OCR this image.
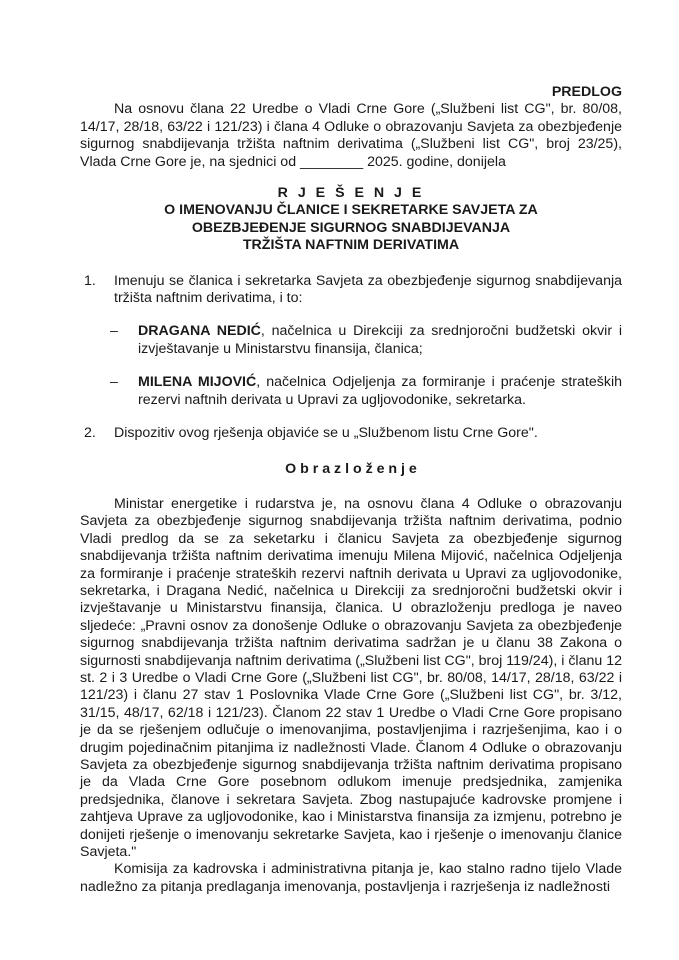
PREDLOG

Na osnovu člana 22 Uredbe o Vladi Crne Gore („Službeni list CG", br. 80/08, 14/17, 28/18, 63/22 i 121/23) i člana 4 Odluke o obrazovanju Savjeta za obezbjeđenje sigurnog snabdijevanja tržišta naftnim derivatima („Službeni list CG", broj 23/25), Vlada Crne Gore je, na sjednici od ________ 2025. godine, donijela

R J E Š E N J E

O IMENOVANJU ČLANICE I SEKRETARKE SAVJETA ZA

OBEZBJEĐENJE SIGURNOG SNABDIJEVANJA

TRŽIŠTA NAFTNIM DERIVATIMA

1.	Imenuju se članica i sekretarka Savjeta za obezbjeđenje sigurnog snabdijevanja tržišta naftnim derivatima, i to:
–	DRAGANA NEDIĆ, načelnica u Direkciji za srednjoročni budžetski okvir i izvještavanje u Ministarstvu finansija, članica;
–	MILENA MIJOVIĆ, načelnica Odjeljenja za formiranje i praćenje strateških rezervi naftnih derivata u Upravi za ugljovodonike, sekretarka.
2.	Dispozitiv ovog rješenja objaviće se u „Službenom listu Crne Gore".

O b r a z l o ž e n j e

Ministar energetike i rudarstva je, na osnovu člana 4 Odluke o obrazovanju Savjeta za obezbjeđenje sigurnog snabdijevanja tržišta naftnim derivatima, podnio Vladi predlog da se za seketarku i članicu Savjeta za obezbjeđenje sigurnog snabdijevanja tržišta naftnim derivatima imenuju Milena Mijović, načelnica Odjeljenja za formiranje i praćenje strateških rezervi naftnih derivata u Upravi za ugljovodonike, sekretarka, i Dragana Nedić, načelnica u Direkciji za srednjoročni budžetski okvir i izvještavanje u Ministarstvu finansija, članica. U obrazloženju predloga je naveo sljedeće: „Pravni osnov za donošenje Odluke o obrazovanju Savjeta za obezbjeđenje sigurnog snabdijevanja tržišta naftnim derivatima sadržan je u članu 38 Zakona o sigurnosti snabdijevanja naftnim derivatima („Službeni list CG", broj 119/24), i članu 12 st. 2 i 3 Uredbe o Vladi Crne Gore („Službeni list CG", br. 80/08, 14/17, 28/18, 63/22 i 121/23) i članu 27 stav 1 Poslovnika Vlade Crne Gore („Službeni list CG", br. 3/12, 31/15, 48/17, 62/18 i 121/23). Članom 22 stav 1 Uredbe o Vladi Crne Gore propisano je da se rješenjem odlučuje o imenovanjima, postavljenjima i razrješenjima, kao i o drugim pojedinačnim pitanjima iz nadležnosti Vlade. Članom 4 Odluke o obrazovanju Savjeta za obezbjeđenje sigurnog snabdijevanja tržišta naftnim derivatima propisano je da Vlada Crne Gore posebnom odlukom imenuje predsjednika, zamjenika predsjednika, članove i sekretara Savjeta. Zbog nastupajuće kadrovske promjene i zahtjeva Uprave za ugljovodonike, kao i Ministarstva finansija za izmjenu, potrebno je donijeti rješenje o imenovanju sekretarke Savjeta, kao i rješenje o imenovanju članice Savjeta."

Komisija za kadrovska i administrativna pitanja je, kao stalno radno tijelo Vlade nadležno za pitanja predlaganja imenovanja, postavljenja i razrješenja iz nadležnosti
